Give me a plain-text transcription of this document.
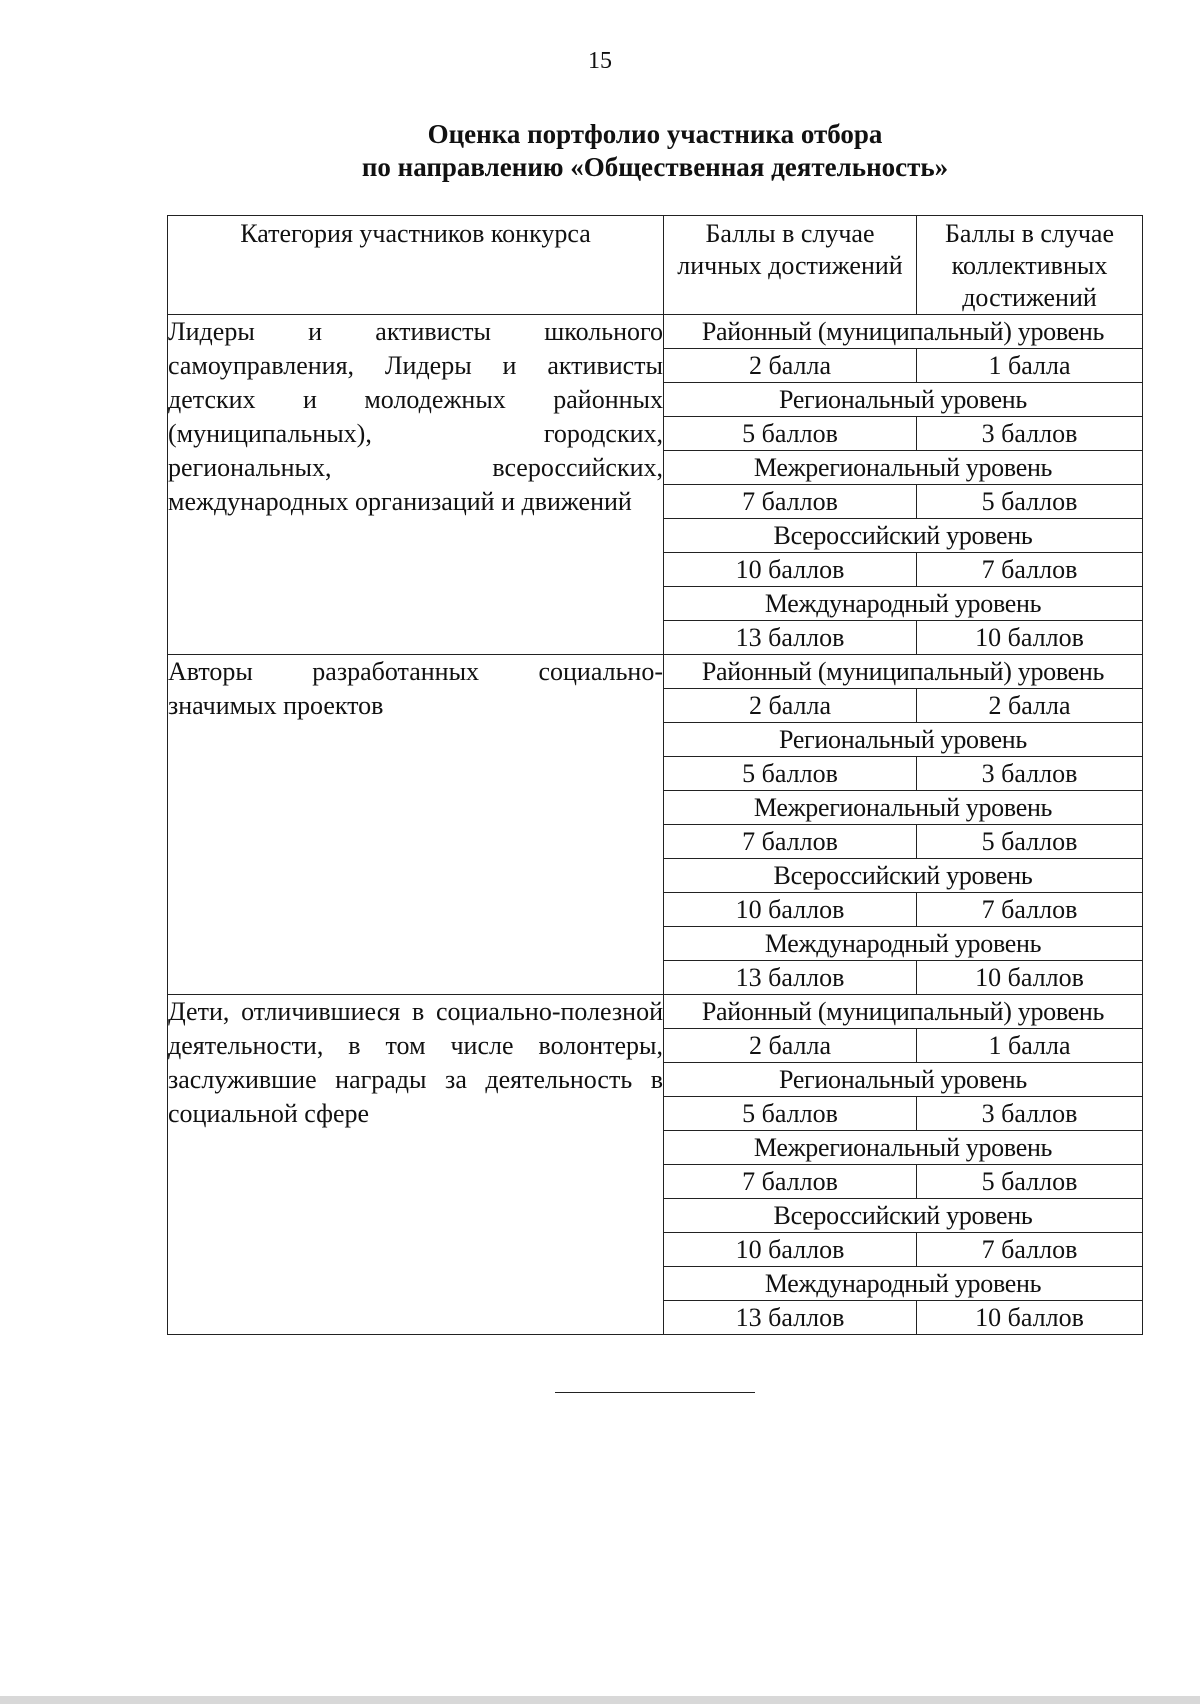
15
Оценка портфолио участника отбора
по направлению «Общественная деятельность»
Категория участников конкурса	Баллы в случае личных достижений	Баллы в случае коллективных достижений
Лидеры и активисты школьного самоуправления, Лидеры и активисты детских и молодежных районных (муниципальных), городских, региональных, всероссийских, международных организаций и движений	Районный (муниципальный) уровень	
	2 балла	1 балла
	Региональный уровень	
	5 баллов	3 баллов
	Межрегиональный уровень	
	7 баллов	5 баллов
	Всероссийский уровень	
	10 баллов	7 баллов
	Международный уровень	
	13 баллов	10 баллов
Авторы разработанных социально-значимых проектов	Районный (муниципальный) уровень	
	2 балла	2 балла
	Региональный уровень	
	5 баллов	3 баллов
	Межрегиональный уровень	
	7 баллов	5 баллов
	Всероссийский уровень	
	10 баллов	7 баллов
	Международный уровень	
	13 баллов	10 баллов
Дети, отличившиеся в социально-полезной деятельности, в том числе волонтеры, заслужившие награды за деятельность в социальной сфере	Районный (муниципальный) уровень	
	2 балла	1 балла
	Региональный уровень	
	5 баллов	3 баллов
	Межрегиональный уровень	
	7 баллов	5 баллов
	Всероссийский уровень	
	10 баллов	7 баллов
	Международный уровень	
	13 баллов	10 баллов
